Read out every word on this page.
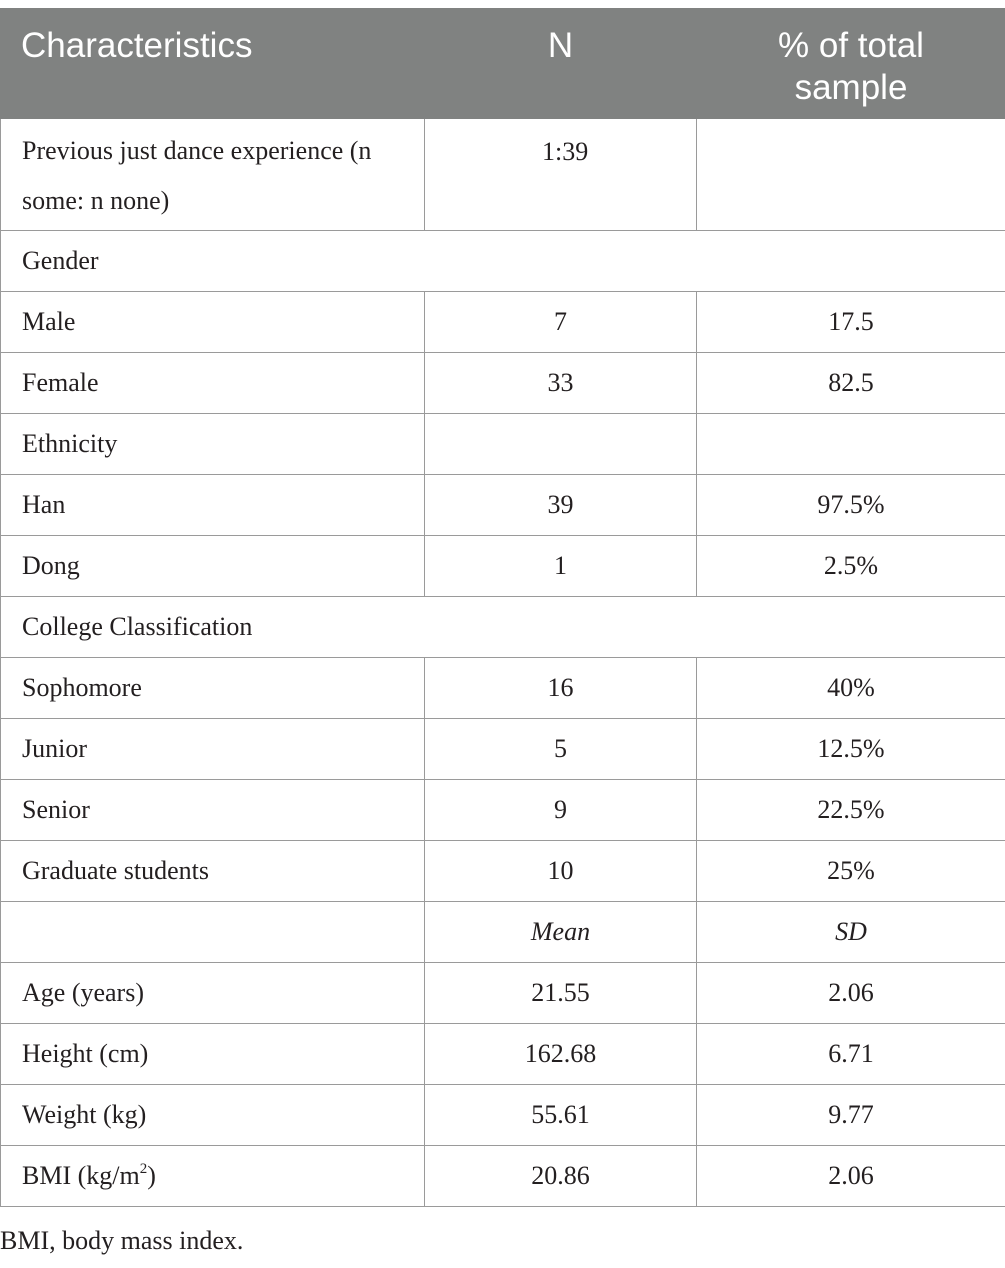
Characteristics	N	% of total sample
Previous just dance experience (n some: n none)	1:39	
Gender		
Male	7	17.5
Female	33	82.5
Ethnicity		
Han	39	97.5%
Dong	1	2.5%
College Classification		
Sophomore	16	40%
Junior	5	12.5%
Senior	9	22.5%
Graduate students	10	25%
	Mean	SD
Age (years)	21.55	2.06
Height (cm)	162.68	6.71
Weight (kg)	55.61	9.77
BMI $(kg/m^2)$	20.86	2.06
BMI, body mass index.
